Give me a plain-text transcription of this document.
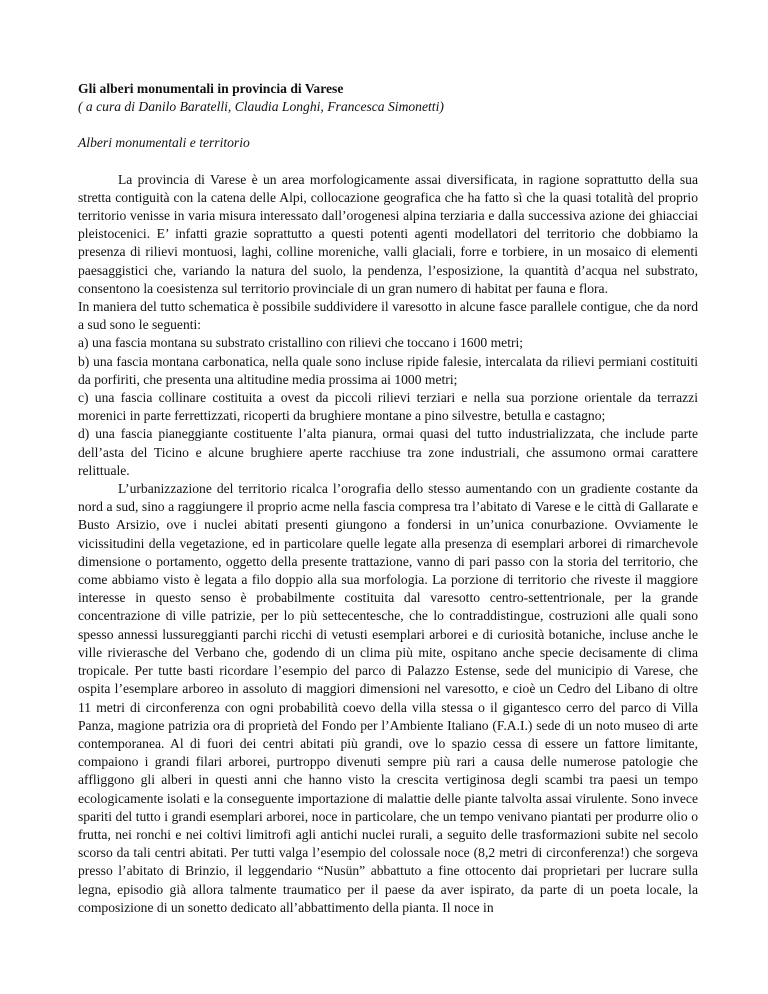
Gli alberi monumentali in provincia di Varese

( a cura di Danilo Baratelli, Claudia Longhi, Francesca Simonetti)

Alberi monumentali e territorio

La provincia di Varese è un area morfologicamente assai diversificata, in ragione soprattutto della sua stretta contiguità con la catena delle Alpi, collocazione geografica che ha fatto sì che la quasi totalità del proprio territorio venisse in varia misura interessato dall’orogenesi alpina terziaria e dalla successiva azione dei ghiacciai pleistocenici. E’ infatti grazie soprattutto a questi potenti agenti modellatori del territorio che dobbiamo la presenza di rilievi montuosi, laghi, colline moreniche, valli glaciali, forre e torbiere, in un mosaico di elementi paesaggistici che, variando la natura del suolo, la pendenza, l’esposizione, la quantità d’acqua nel substrato, consentono la coesistenza sul territorio provinciale di un gran numero di habitat per fauna e flora.

In maniera del tutto schematica è possibile suddividere il varesotto in alcune fasce parallele contigue, che da nord a sud sono le seguenti:

a) una fascia montana su substrato cristallino con rilievi che toccano i 1600 metri;

b) una fascia montana carbonatica, nella quale sono incluse ripide falesie, intercalata da rilievi permiani costituiti da porfiriti, che presenta una altitudine media prossima ai 1000 metri;

c) una fascia collinare costituita a ovest da piccoli rilievi terziari e nella sua porzione orientale da terrazzi morenici in parte ferrettizzati, ricoperti da brughiere montane a pino silvestre, betulla e castagno;

d) una fascia pianeggiante costituente l’alta pianura, ormai quasi del tutto industrializzata, che include parte dell’asta del Ticino e alcune brughiere aperte racchiuse tra zone industriali, che assumono ormai carattere relittuale.

L’urbanizzazione del territorio ricalca l’orografia dello stesso aumentando con un gradiente costante da nord a sud, sino a raggiungere il proprio acme nella fascia compresa tra l’abitato di Varese e le città di Gallarate e Busto Arsizio, ove i nuclei abitati presenti giungono a fondersi in un’unica conurbazione. Ovviamente le vicissitudini della vegetazione, ed in particolare quelle legate alla presenza di esemplari arborei di rimarchevole dimensione o portamento, oggetto della presente trattazione, vanno di pari passo con la storia del territorio, che come abbiamo visto è legata a filo doppio alla sua morfologia. La porzione di territorio che riveste il maggiore interesse in questo senso è probabilmente costituita dal varesotto centro-settentrionale, per la grande concentrazione di ville patrizie, per lo più settecentesche, che lo contraddistingue, costruzioni alle quali sono spesso annessi lussureggianti parchi ricchi di vetusti esemplari arborei e di curiosità botaniche, incluse anche le ville rivierasche del Verbano che, godendo di un clima più mite, ospitano anche specie decisamente di clima tropicale. Per tutte basti ricordare l’esempio del parco di Palazzo Estense, sede del municipio di Varese, che ospita l’esemplare arboreo in assoluto di maggiori dimensioni nel varesotto, e cioè un Cedro del Libano di oltre 11 metri di circonferenza con ogni probabilità coevo della villa stessa o il gigantesco cerro del parco di Villa Panza, magione patrizia ora di proprietà del Fondo per l’Ambiente Italiano (F.A.I.) sede di un noto museo di arte contemporanea. Al di fuori dei centri abitati più grandi, ove lo spazio cessa di essere un fattore limitante, compaiono i grandi filari arborei, purtroppo divenuti sempre più rari a causa delle numerose patologie che affliggono gli alberi in questi anni che hanno visto la crescita vertiginosa degli scambi tra paesi un tempo ecologicamente isolati e la conseguente importazione di malattie delle piante talvolta assai virulente. Sono invece spariti del tutto i grandi esemplari arborei, noce in particolare, che un tempo venivano piantati per produrre olio o frutta, nei ronchi e nei coltivi limitrofi agli antichi nuclei rurali, a seguito delle trasformazioni subite nel secolo scorso da tali centri abitati. Per tutti valga l’esempio del colossale noce (8,2 metri di circonferenza!) che sorgeva presso l’abitato di Brinzio, il leggendario “Nusün” abbattuto a fine ottocento dai proprietari per lucrare sulla legna, episodio già allora talmente traumatico per il paese da aver ispirato, da parte di un poeta locale, la composizione di un sonetto dedicato all’abbattimento della pianta. Il noce in
